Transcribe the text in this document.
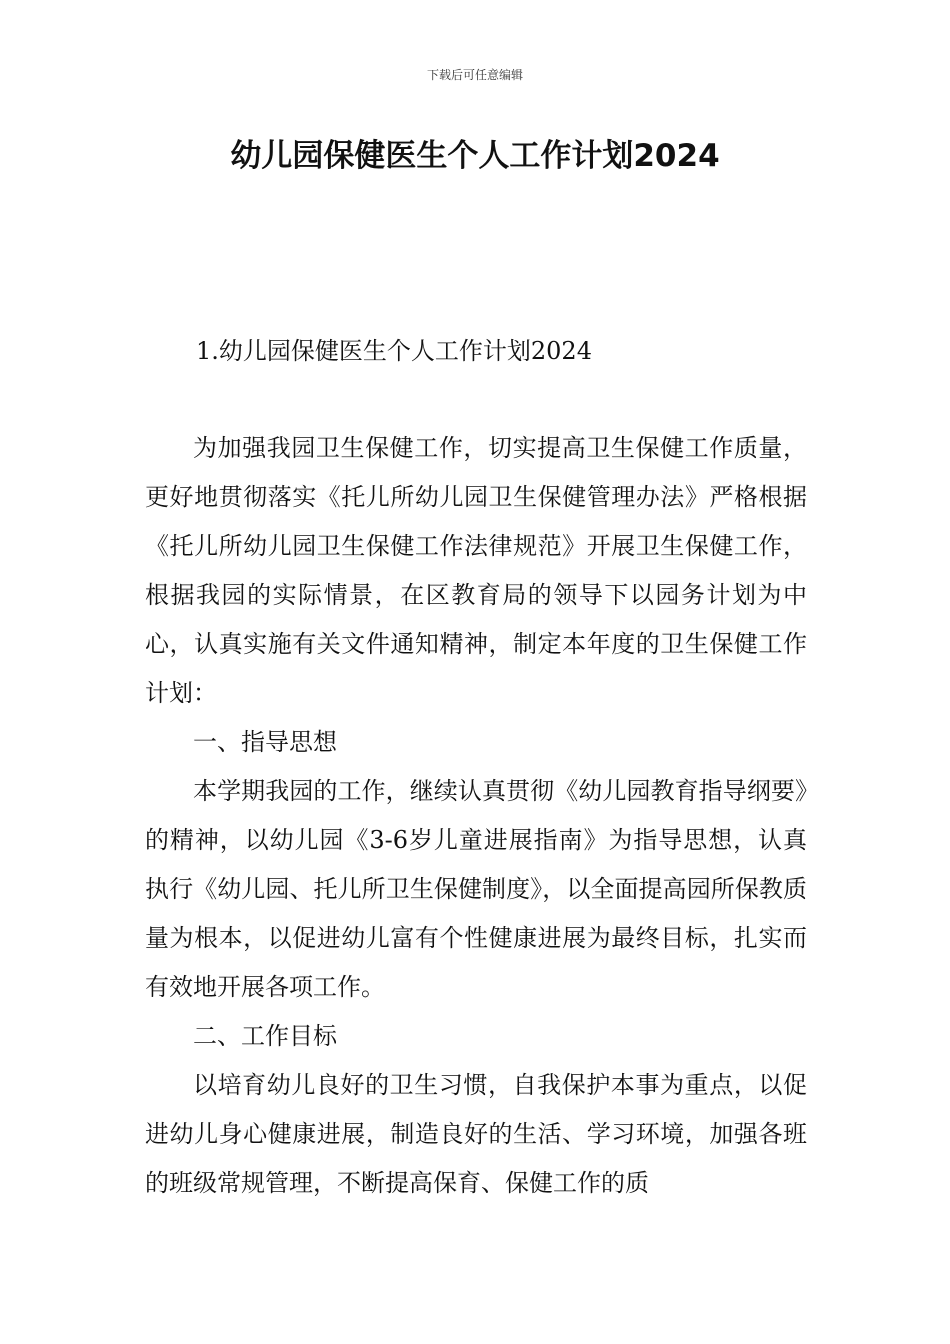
下载后可任意编辑
幼儿园保健医生个人工作计划2024
1.幼儿园保健医生个人工作计划2024

为加强我园卫生保健工作，切实提高卫生保健工作质量，更好地贯彻落实《托儿所幼儿园卫生保健管理办法》严格根据《托儿所幼儿园卫生保健工作法律规范》开展卫生保健工作，根据我园的实际情景，在区教育局的领导下以园务计划为中心，认真实施有关文件通知精神，制定本年度的卫生保健工作计划：

一、指导思想

本学期我园的工作，继续认真贯彻《幼儿园教育指导纲要》的精神，以幼儿园《3-6岁儿童进展指南》为指导思想，认真执行《幼儿园、托儿所卫生保健制度》，以全面提高园所保教质量为根本，以促进幼儿富有个性健康进展为最终目标，扎实而有效地开展各项工作。

二、工作目标

以培育幼儿良好的卫生习惯，自我保护本事为重点，以促进幼儿身心健康进展，制造良好的生活、学习环境，加强各班的班级常规管理，不断提高保育、保健工作的质
